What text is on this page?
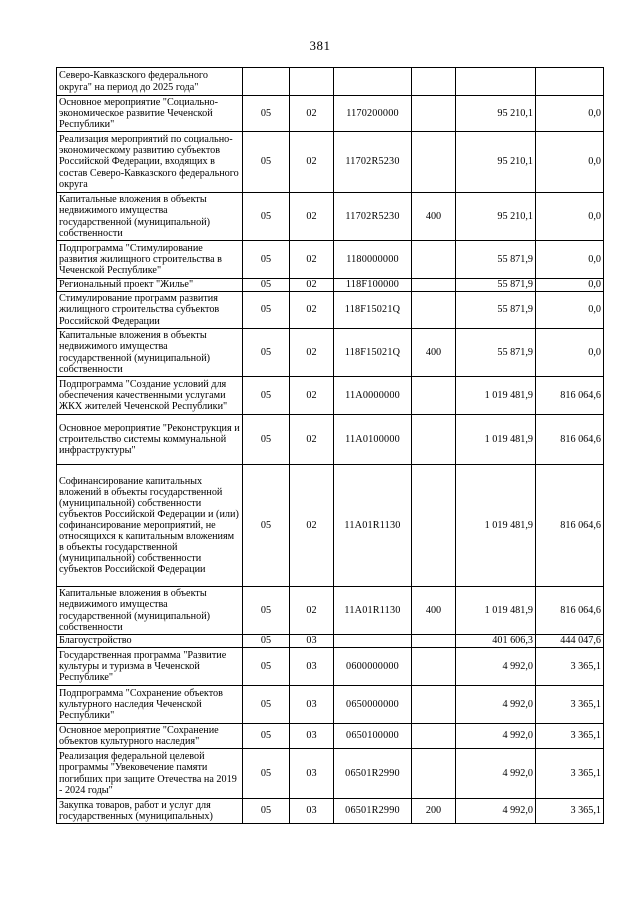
381
Северо-Кавказского федерального округа" на период до 2025 года"						
Основное мероприятие "Социально-экономическое развитие Чеченской Республики"	05	02	1170200000		95 210,1	0,0
Реализация мероприятий по социально-экономическому развитию субъектов Российской Федерации, входящих в состав Северо-Кавказского федерального округа	05	02	11702R5230		95 210,1	0,0
Капитальные вложения в объекты недвижимого имущества государственной (муниципальной) собственности	05	02	11702R5230	400	95 210,1	0,0
Подпрограмма "Стимулирование развития жилищного строительства в Чеченской Республике"	05	02	1180000000		55 871,9	0,0
Региональный проект "Жилье"	05	02	118F100000		55 871,9	0,0
Стимулирование программ развития жилищного строительства субъектов Российской Федерации	05	02	118F15021Q		55 871,9	0,0
Капитальные вложения в объекты недвижимого имущества государственной (муниципальной) собственности	05	02	118F15021Q	400	55 871,9	0,0
Подпрограмма "Создание условий для обеспечения качественными услугами ЖКХ жителей Чеченской Республики"	05	02	11А0000000		1 019 481,9	816 064,6
Основное мероприятие "Реконструкция и строительство системы коммунальной инфраструктуры"	05	02	11А0100000		1 019 481,9	816 064,6
Софинансирование капитальных вложений в объекты государственной (муниципальной) собственности субъектов Российской Федерации и (или) софинансирование мероприятий, не относящихся к капитальным вложениям в объекты государственной (муниципальной) собственности субъектов Российской Федерации	05	02	11А01R1130		1 019 481,9	816 064,6
Капитальные вложения в объекты недвижимого имущества государственной (муниципальной) собственности	05	02	11А01R1130	400	1 019 481,9	816 064,6
Благоустройство	05	03			401 606,3	444 047,6
Государственная программа "Развитие культуры и туризма в Чеченской Республике"	05	03	0600000000		4 992,0	3 365,1
Подпрограмма "Сохранение объектов культурного наследия Чеченской Республики"	05	03	0650000000		4 992,0	3 365,1
Основное мероприятие "Сохранение объектов культурного наследия"	05	03	0650100000		4 992,0	3 365,1
Реализация федеральной целевой программы "Увековечение памяти погибших при защите Отечества на 2019 - 2024 годы"	05	03	06501R2990		4 992,0	3 365,1
Закупка товаров, работ и услуг для государственных (муниципальных)	05	03	06501R2990	200	4 992,0	3 365,1
